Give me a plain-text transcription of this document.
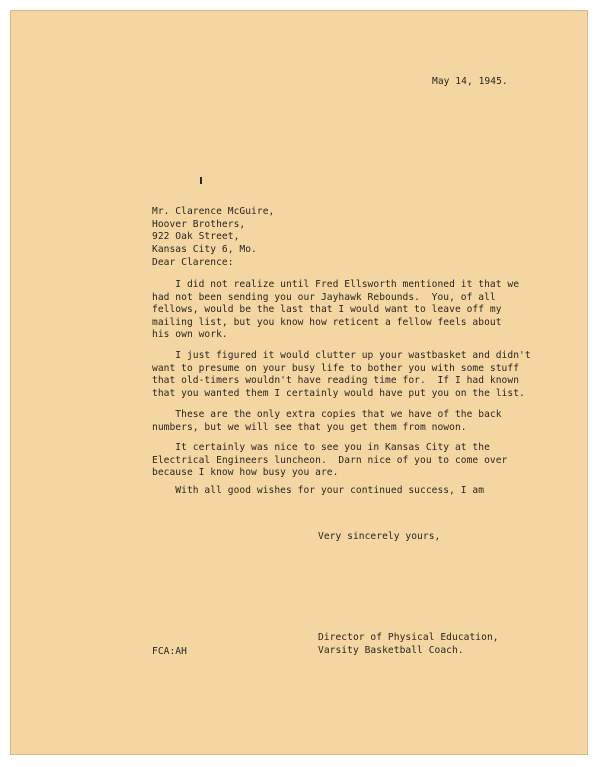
May 14, 1945.
Mr. Clarence McGuire,
Hoover Brothers,
922 Oak Street,
Kansas City 6, Mo.
Dear Clarence:
I did not realize until Fred Ellsworth mentioned it that we
had not been sending you our Jayhawk Rebounds.  You, of all
fellows, would be the last that I would want to leave off my
mailing list, but you know how reticent a fellow feels about
his own work.
I just figured it would clutter up your wastbasket and didn't
want to presume on your busy life to bother you with some stuff
that old-timers wouldn't have reading time for.  If I had known
that you wanted them I certainly would have put you on the list.
These are the only extra copies that we have of the back
numbers, but we will see that you get them from nowon.
It certainly was nice to see you in Kansas City at the
Electrical Engineers luncheon.  Darn nice of you to come over
because I know how busy you are.
With all good wishes for your continued success, I am
Very sincerely yours,
Director of Physical Education,
Varsity Basketball Coach.
FCA:AH
